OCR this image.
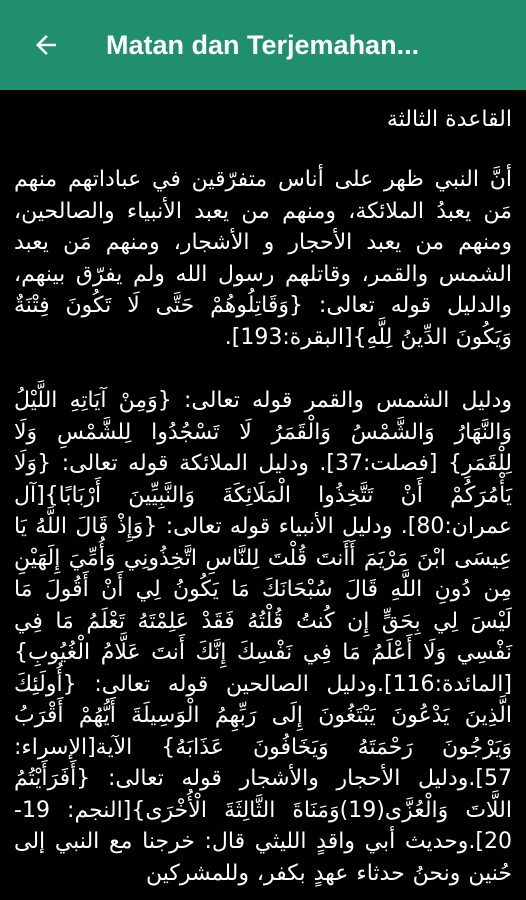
Matan dan Terjemahan...
القاعدة الثالثة

أنَّ النبي ظهر على أناس متفرّقين في عباداتهم منهم مَن يعبدُ الملائكة، ومنهم من يعبد الأنبياء والصالحين، ومنهم من يعبد الأحجار و الأشجار، ومنهم مَن يعبد الشمس والقمر، وقاتلهم رسول الله ولم يفرّق بينهم، والدليل قوله تعالى: {وَقَاتِلُوهُمْ حَتَّى لَا تَكُونَ فِتْنَةٌ وَيَكُونَ الدِّينُ لِلَّهِ}[البقرة:193].

ودليل الشمس والقمر قوله تعالى: {وَمِنْ آيَاتِهِ اللَّيْلُ وَالنَّهَارُ وَالشَّمْسُ وَالْقَمَرُ لَا تَسْجُدُوا لِلشَّمْسِ وَلَا لِلْقَمَرِ} [فصلت:37]. ودليل الملائكة قوله تعالى: {وَلَا يَأْمُرَكُمْ أَنْ تَتَّخِذُوا الْمَلَائِكَةَ وَالنَّبِيِّينَ أَرْبَابًا}[آل عمران:80]. ودليل الأنبياء قوله تعالى: {وَإِذْ قَالَ اللَّهُ يَا عِيسَى ابْنَ مَرْيَمَ أَأَنتَ قُلْتَ لِلنَّاسِ اتَّخِذُونِي وَأُمِّيَ إِلَهَيْنِ مِن دُونِ اللَّهِ قَالَ سُبْحَانَكَ مَا يَكُونُ لِي أَنْ أَقُولَ مَا لَيْسَ لِي بِحَقٍّ إِن كُنتُ قُلْتُهُ فَقَدْ عَلِمْتَهُ تَعْلَمُ مَا فِي نَفْسِي وَلَا أَعْلَمُ مَا فِي نَفْسِكَ إِنَّكَ أَنتَ عَلَّامُ الْغُيُوبِ} [المائدة:116].ودليل الصالحين قوله تعالى: {أُولَئِكَ الَّذِينَ يَدْعُونَ يَبْتَغُونَ إِلَى رَبِّهِمُ الْوَسِيلَةَ أَيُّهُمْ أَقْرَبُ وَيَرْجُونَ رَحْمَتَهُ وَيَخَافُونَ عَذَابَهُ} الآية[الإسراء: 57].ودليل الأحجار والأشجار قوله تعالى: {أَفَرَأَيْتُمُ اللَّاتَ وَالْعُزَّى(19)وَمَنَاةَ الثَّالِثَةَ الْأُخْرَى}[النجم: 19-20].وحديث أبي واقدٍ الليثي قال: خرجنا مع النبي إلى حُنين ونحنُ حدثاء عهدٍ بكفر، وللمشركين
